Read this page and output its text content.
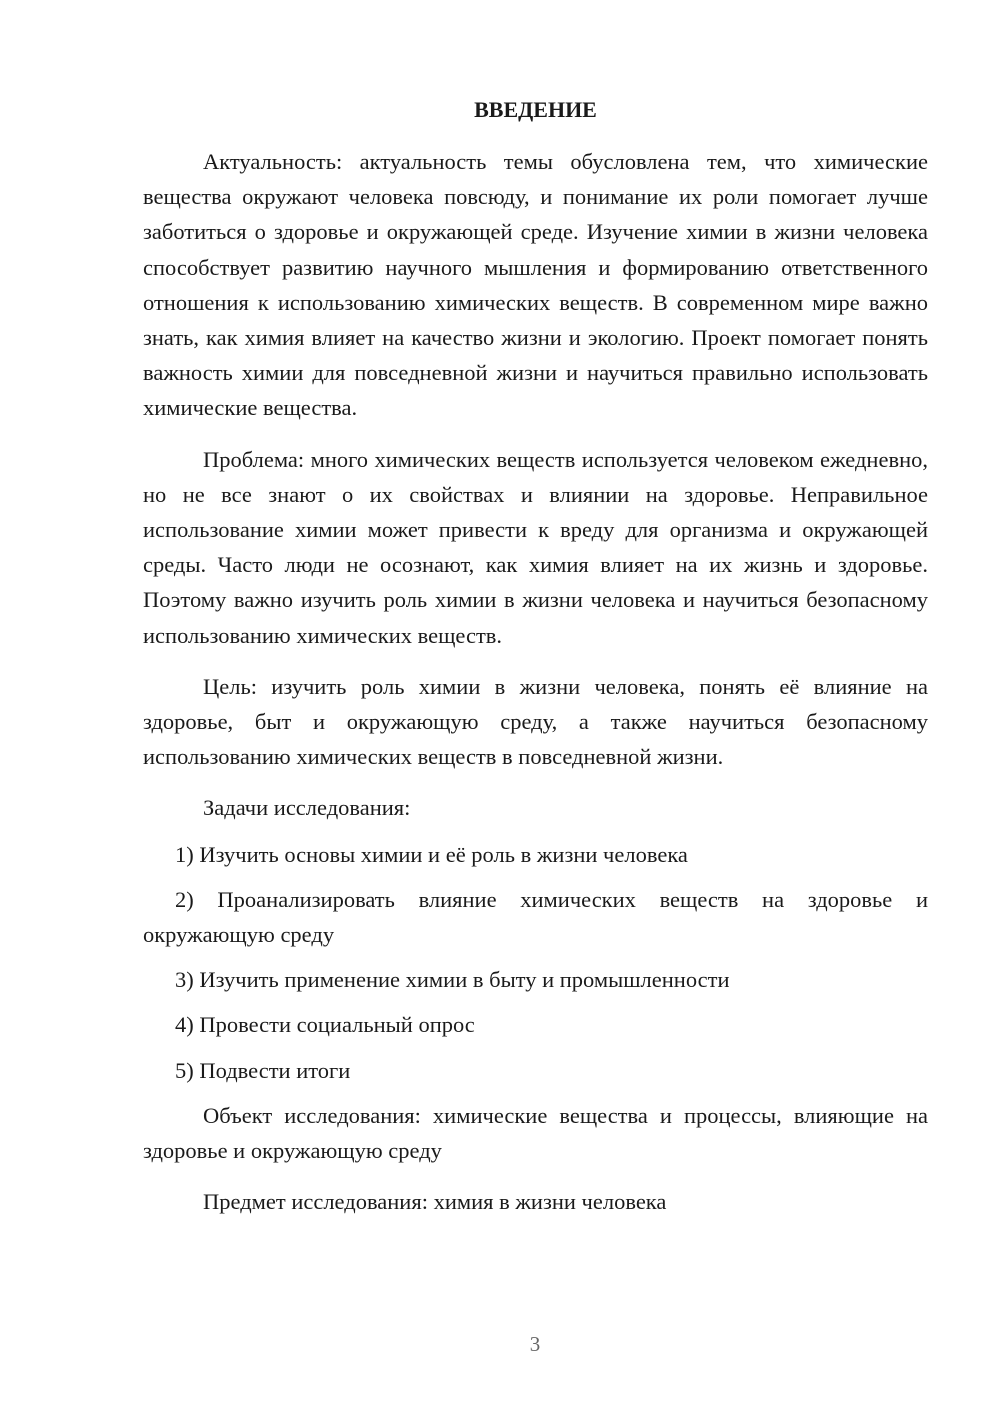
ВВЕДЕНИЕ

Актуальность: актуальность темы обусловлена тем, что химические вещества окружают человека повсюду, и понимание их роли помогает лучше заботиться о здоровье и окружающей среде. Изучение химии в жизни человека способствует развитию научного мышления и формированию ответственного отношения к использованию химических веществ. В современном мире важно знать, как химия влияет на качество жизни и экологию. Проект помогает понять важность химии для повседневной жизни и научиться правильно использовать химические вещества.

Проблема: много химических веществ используется человеком ежедневно, но не все знают о их свойствах и влиянии на здоровье. Неправильное использование химии может привести к вреду для организма и окружающей среды. Часто люди не осознают, как химия влияет на их жизнь и здоровье. Поэтому важно изучить роль химии в жизни человека и научиться безопасному использованию химических веществ.

Цель: изучить роль химии в жизни человека, понять её влияние на здоровье, быт и окружающую среду, а также научиться безопасному использованию химических веществ в повседневной жизни.

Задачи исследования:

1) Изучить основы химии и её роль в жизни человека

2) Проанализировать влияние химических веществ на здоровье и окружающую среду

3) Изучить применение химии в быту и промышленности

4) Провести социальный опрос

5) Подвести итоги

Объект исследования: химические вещества и процессы, влияющие на здоровье и окружающую среду

Предмет исследования: химия в жизни человека

3
